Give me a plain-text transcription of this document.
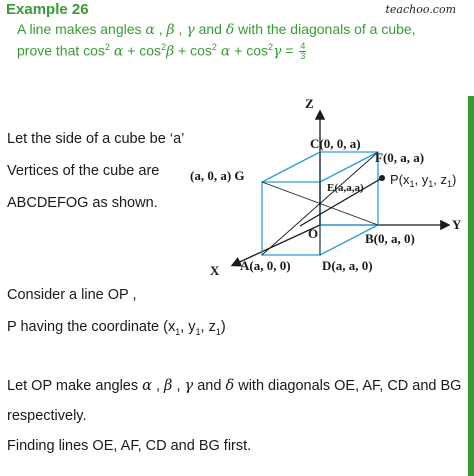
Example 26	teachoo.com
A line makes angles α , β , γ and δ with the diagonals of a cube,
prove that $\cos^2 \alpha + \cos^2\beta + \cos^2 \alpha + \cos^2\gamma = \frac{4}{3}$
Let the side of a cube be ‘a’
Vertices of the cube are
ABCDEFOG as shown.
Consider a line OP ,
P having the coordinate ($x_1$, $y_1$, $z_1$)
Let OP make angles α , β , γ and δ with diagonals OE, AF, CD and BG
respectively.
Finding lines OE, AF, CD and BG first.
Z
Y
X
C(0, 0, a)
F(0, a, a)
(a, 0, a) G
E(a,a,a)
O	B(0, a, 0)
A(a, 0, 0) D(a, a, 0)
$P(x_1$, $y_1$, $z_1$)
